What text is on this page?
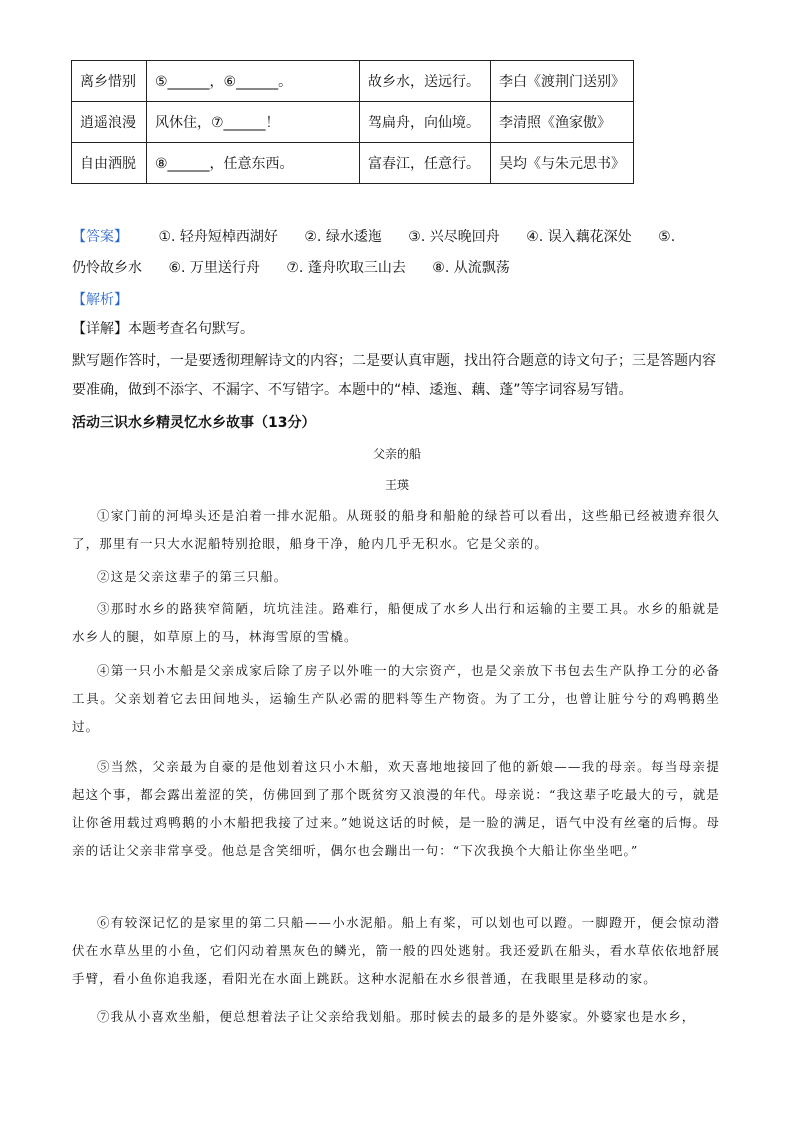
离乡惜别	⑤______，⑥______。	故乡水，送远行。	李白《渡荆门送别》
逍遥浪漫	风休住，⑦______！	驾扁舟，向仙境。	李清照《渔家傲》
自由洒脱	⑧______，任意东西。	富春江，任意行。	吴均《与朱元思书》
【答案】 ①. 轻舟短棹西湖好 ②. 绿水逶迤 ③. 兴尽晚回舟 ④. 误入藕花深处 ⑤.
仍怜故乡水 ⑥. 万里送行舟 ⑦. 蓬舟吹取三山去 ⑧. 从流飘荡
【解析】
【详解】本题考查名句默写。
默写题作答时，一是要透彻理解诗文的内容；二是要认真审题，找出符合题意的诗文句子；三是答题内容
要准确，做到不添字、不漏字、不写错字。本题中的“棹、逶迤、藕、蓬”等字词容易写错。
活动三识水乡精灵忆水乡故事（13分）
父亲的船
王瑛

①家门前的河埠头还是泊着一排水泥船。从斑驳的船身和船舱的绿苔可以看出，这些船已经被遗弃很久了，那里有一只大水泥船特别抢眼，船身干净，舱内几乎无积水。它是父亲的。

②这是父亲这辈子的第三只船。

③那时水乡的路狭窄简陋，坑坑洼洼。路难行，船便成了水乡人出行和运输的主要工具。水乡的船就是水乡人的腿，如草原上的马，林海雪原的雪橇。

④第一只小木船是父亲成家后除了房子以外唯一的大宗资产，也是父亲放下书包去生产队挣工分的必备工具。父亲划着它去田间地头，运输生产队必需的肥料等生产物资。为了工分，也曾让脏兮兮的鸡鸭鹅坐过。

⑤当然，父亲最为自豪的是他划着这只小木船，欢天喜地地接回了他的新娘——我的母亲。每当母亲提起这个事，都会露出羞涩的笑，仿佛回到了那个既贫穷又浪漫的年代。母亲说：“我这辈子吃最大的亏，就是让你爸用载过鸡鸭鹅的小木船把我接了过来。”她说这话的时候，是一脸的满足，语气中没有丝毫的后悔。母亲的话让父亲非常享受。他总是含笑细听，偶尔也会蹦出一句：“下次我换个大船让你坐坐吧。”

⑥有较深记忆的是家里的第二只船——小水泥船。船上有桨，可以划也可以蹬。一脚蹬开，便会惊动潜伏在水草丛里的小鱼，它们闪动着黑灰色的鳞光，箭一般的四处逃射。我还爱趴在船头，看水草依依地舒展手臂，看小鱼你追我逐，看阳光在水面上跳跃。这种水泥船在水乡很普通，在我眼里是移动的家。

⑦我从小喜欢坐船，便总想着法子让父亲给我划船。那时候去的最多的是外婆家。外婆家也是水乡，
